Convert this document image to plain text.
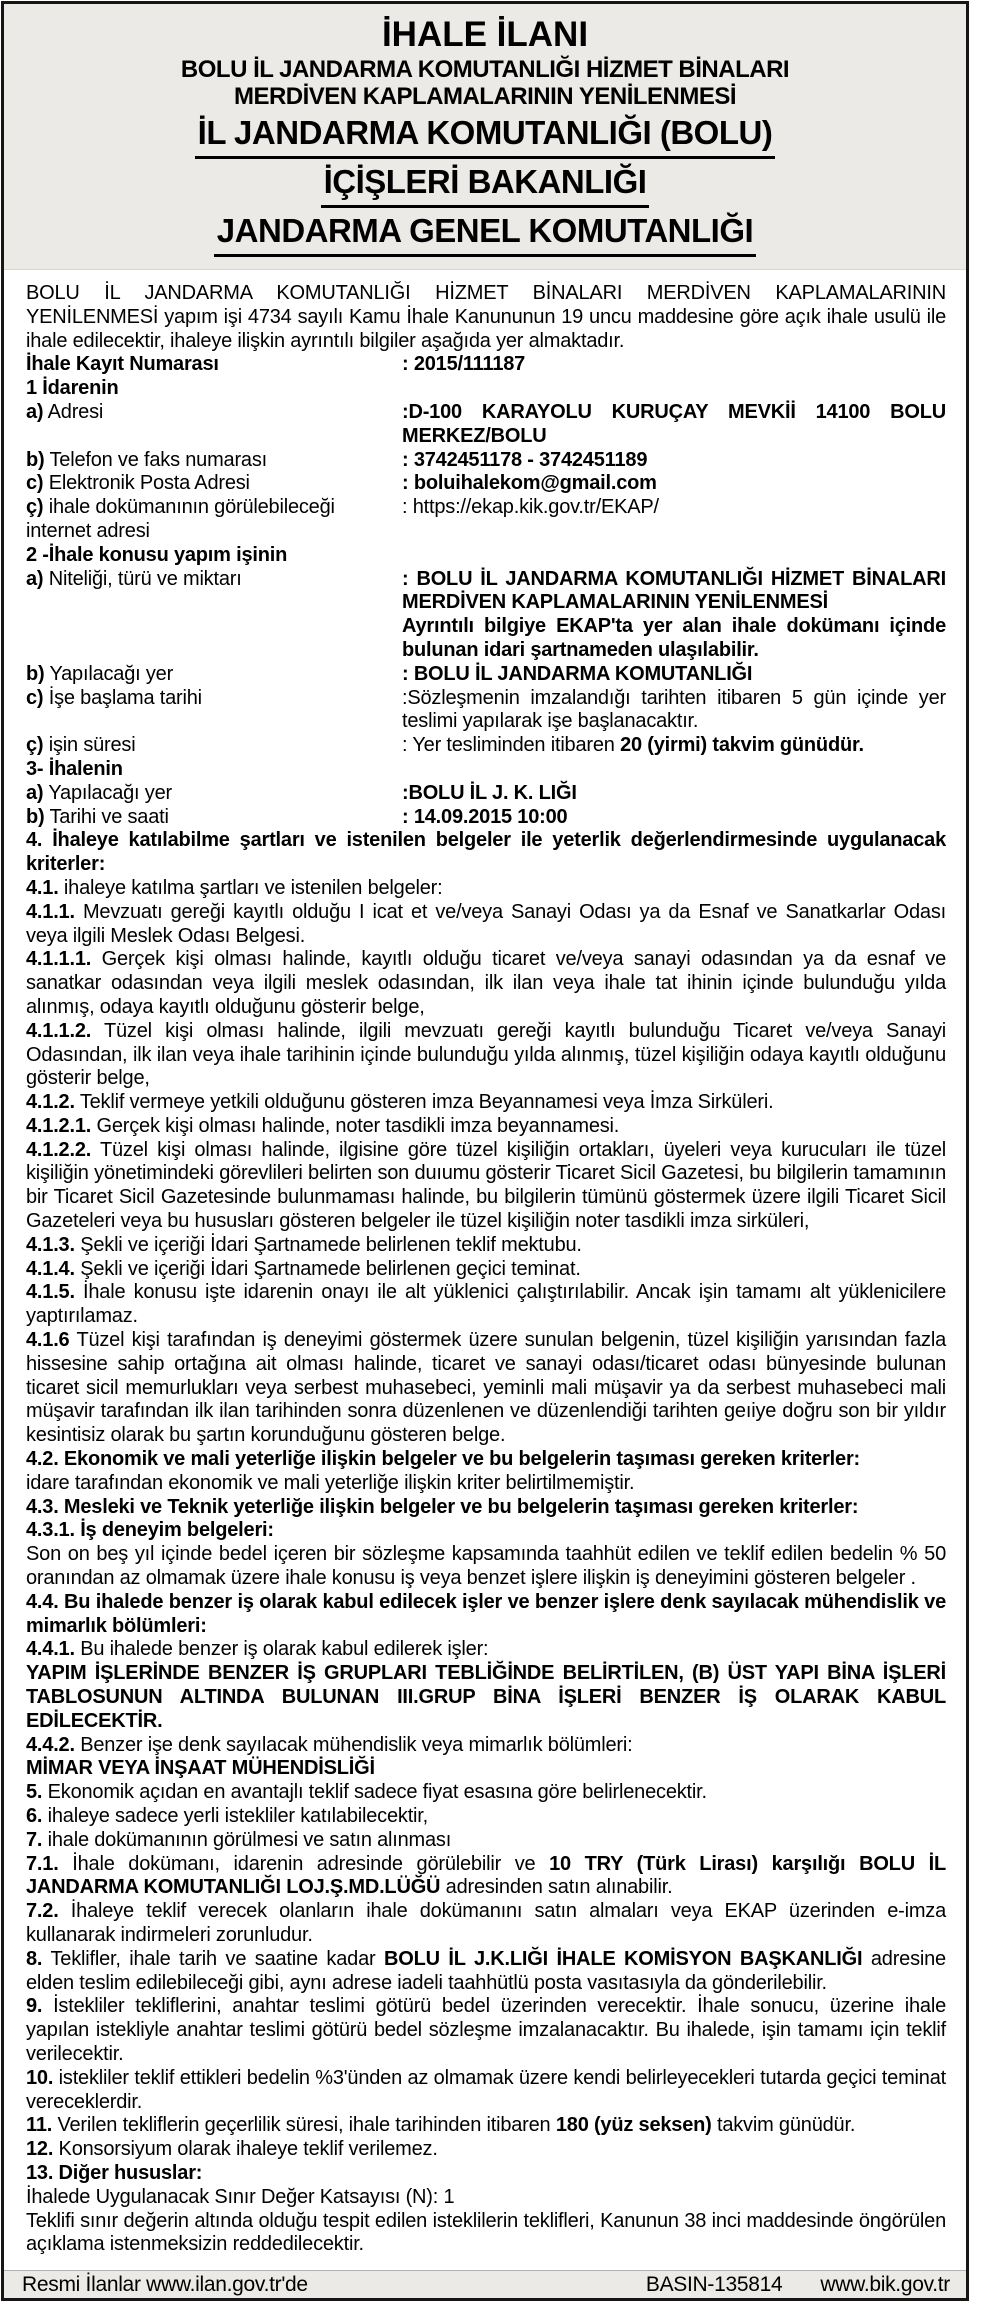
İHALE İLANI
BOLU İL JANDARMA KOMUTANLIĞI HİZMET BİNALARI
MERDİVEN KAPLAMALARININ YENİLENMESİ
İL JANDARMA KOMUTANLIĞI (BOLU)
İÇİŞLERİ BAKANLIĞI
JANDARMA GENEL KOMUTANLIĞI
BOLU İL JANDARMA KOMUTANLIĞI HİZMET BİNALARI MERDİVEN KAPLAMALARININ YENİLENMESİ yapım işi 4734 sayılı Kamu İhale Kanununun 19 uncu maddesine göre açık ihale usulü ile ihale edilecektir, ihaleye ilişkin ayrıntılı bilgiler aşağıda yer almaktadır.
İhale Kayıt Numarası	: 2015/111187
1 İdarenin
a) Adresi	:D-100 KARAYOLU KURUÇAY MEVKİİ 14100 BOLU MERKEZ/BOLU
b) Telefon ve faks numarası	: 3742451178 - 3742451189
c) Elektronik Posta Adresi	: boluihalekom@gmail.com
ç) ihale dokümanının görülebileceği internet adresi
: https://ekap.kik.gov.tr/EKAP/
2 -İhale konusu yapım işinin
a) Niteliği, türü ve miktarı	: BOLU İL JANDARMA KOMUTANLIĞI HİZMET BİNALARI MERDİVEN KAPLAMALARININ YENİLENMESİ
Ayrıntılı bilgiye EKAP'ta yer alan ihale dokümanı içinde bulunan idari şartnameden ulaşılabilir.
b) Yapılacağı yer	: BOLU İL JANDARMA KOMUTANLIĞI
c) İşe başlama tarihi	:Sözleşmenin imzalandığı tarihten itibaren 5 gün içinde yer teslimi yapılarak işe başlanacaktır.
ç) işin süresi	: Yer tesliminden itibaren 20 (yirmi) takvim günüdür.
3- İhalenin
a) Yapılacağı yer	:BOLU İL J. K. LIĞI
b) Tarihi ve saati	: 14.09.2015 10:00
4. İhaleye katılabilme şartları ve istenilen belgeler ile yeterlik değerlendirmesinde uygulanacak kriterler:
4.1. ihaleye katılma şartları ve istenilen belgeler:
4.1.1. Mevzuatı gereği kayıtlı olduğu I icat et ve/veya Sanayi Odası ya da Esnaf ve Sanatkarlar Odası veya ilgili Meslek Odası Belgesi.
4.1.1.1. Gerçek kişi olması halinde, kayıtlı olduğu ticaret ve/veya sanayi odasından ya da esnaf ve sanatkar odasından veya ilgili meslek odasından, ilk ilan veya ihale tat ihinin içinde bulunduğu yılda alınmış, odaya kayıtlı olduğunu gösterir belge,
4.1.1.2. Tüzel kişi olması halinde, ilgili mevzuatı gereği kayıtlı bulunduğu Ticaret ve/veya Sanayi Odasından, ilk ilan veya ihale tarihinin içinde bulunduğu yılda alınmış, tüzel kişiliğin odaya kayıtlı olduğunu gösterir belge,
4.1.2. Teklif vermeye yetkili olduğunu gösteren imza Beyannamesi veya İmza Sirküleri.
4.1.2.1. Gerçek kişi olması halinde, noter tasdikli imza beyannamesi.
4.1.2.2. Tüzel kişi olması halinde, ilgisine göre tüzel kişiliğin ortakları, üyeleri veya kurucuları ile tüzel kişiliğin yönetimindeki görevlileri belirten son duıumu gösterir Ticaret Sicil Gazetesi, bu bilgilerin tamamının bir Ticaret Sicil Gazetesinde bulunmaması halinde, bu bilgilerin tümünü göstermek üzere ilgili Ticaret Sicil Gazeteleri veya bu hususları gösteren belgeler ile tüzel kişiliğin noter tasdikli imza sirküleri,
4.1.3. Şekli ve içeriği İdari Şartnamede belirlenen teklif mektubu.
4.1.4. Şekli ve içeriği İdari Şartnamede belirlenen geçici teminat.
4.1.5. İhale konusu işte idarenin onayı ile alt yüklenici çalıştırılabilir. Ancak işin tamamı alt yüklenicilere yaptırılamaz.
4.1.6 Tüzel kişi tarafından iş deneyimi göstermek üzere sunulan belgenin, tüzel kişiliğin yarısından fazla hissesine sahip ortağına ait olması halinde, ticaret ve sanayi odası/ticaret odası bünyesinde bulunan ticaret sicil memurlukları veya serbest muhasebeci, yeminli mali müşavir ya da serbest muhasebeci mali müşavir tarafından ilk ilan tarihinden sonra düzenlenen ve düzenlendiği tarihten geıiye doğru son bir yıldır kesintisiz olarak bu şartın korunduğunu gösteren belge.
4.2. Ekonomik ve mali yeterliğe ilişkin belgeler ve bu belgelerin taşıması gereken kriterler:
idare tarafından ekonomik ve mali yeterliğe ilişkin kriter belirtilmemiştir.
4.3. Mesleki ve Teknik yeterliğe ilişkin belgeler ve bu belgelerin taşıması gereken kriterler:
4.3.1. İş deneyim belgeleri:
Son on beş yıl içinde bedel içeren bir sözleşme kapsamında taahhüt edilen ve teklif edilen bedelin % 50 oranından az olmamak üzere ihale konusu iş veya benzet işlere ilişkin iş deneyimini gösteren belgeler .
4.4. Bu ihalede benzer iş olarak kabul edilecek işler ve benzer işlere denk sayılacak mühendislik ve mimarlık bölümleri:
4.4.1. Bu ihalede benzer iş olarak kabul edilerek işler:
YAPIM İŞLERİNDE BENZER İŞ GRUPLARI TEBLİĞİNDE BELİRTİLEN, (B) ÜST YAPI BİNA İŞLERİ TABLOSUNUN ALTINDA BULUNAN III.GRUP BİNA İŞLERİ BENZER İŞ OLARAK KABUL EDİLECEKTİR.
4.4.2. Benzer işe denk sayılacak mühendislik veya mimarlık bölümleri:
MİMAR VEYA İNŞAAT MÜHENDİSLİĞİ
5. Ekonomik açıdan en avantajlı teklif sadece fiyat esasına göre belirlenecektir.
6. ihaleye sadece yerli istekliler katılabilecektir,
7. ihale dokümanının görülmesi ve satın alınması
7.1. İhale dokümanı, idarenin adresinde görülebilir ve 10 TRY (Türk Lirası) karşılığı BOLU İL JANDARMA KOMUTANLIĞI LOJ.Ş.MD.LÜĞÜ adresinden satın alınabilir.
7.2. İhaleye teklif verecek olanların ihale dokümanını satın almaları veya EKAP üzerinden e-imza kullanarak indirmeleri zorunludur.
8. Teklifler, ihale tarih ve saatine kadar BOLU İL J.K.LIĞI İHALE KOMİSYON BAŞKANLIĞI adresine elden teslim edilebileceği gibi, aynı adrese iadeli taahhütlü posta vasıtasıyla da gönderilebilir.
9. İstekliler tekliflerini, anahtar teslimi götürü bedel üzerinden verecektir. İhale sonucu, üzerine ihale yapılan istekliyle anahtar teslimi götürü bedel sözleşme imzalanacaktır. Bu ihalede, işin tamamı için teklif verilecektir.
10. istekliler teklif ettikleri bedelin %3'ünden az olmamak üzere kendi belirleyecekleri tutarda geçici teminat vereceklerdir.
11. Verilen tekliflerin geçerlilik süresi, ihale tarihinden itibaren 180 (yüz seksen) takvim günüdür.
12. Konsorsiyum olarak ihaleye teklif verilemez.
13. Diğer hususlar:
İhalede Uygulanacak Sınır Değer Katsayısı (N): 1
Teklifi sınır değerin altında olduğu tespit edilen isteklilerin teklifleri, Kanunun 38 inci maddesinde öngörülen açıklama istenmeksizin reddedilecektir.
Resmi İlanlar www.ilan.gov.tr'de	BASIN-135814 www.bik.gov.tr
